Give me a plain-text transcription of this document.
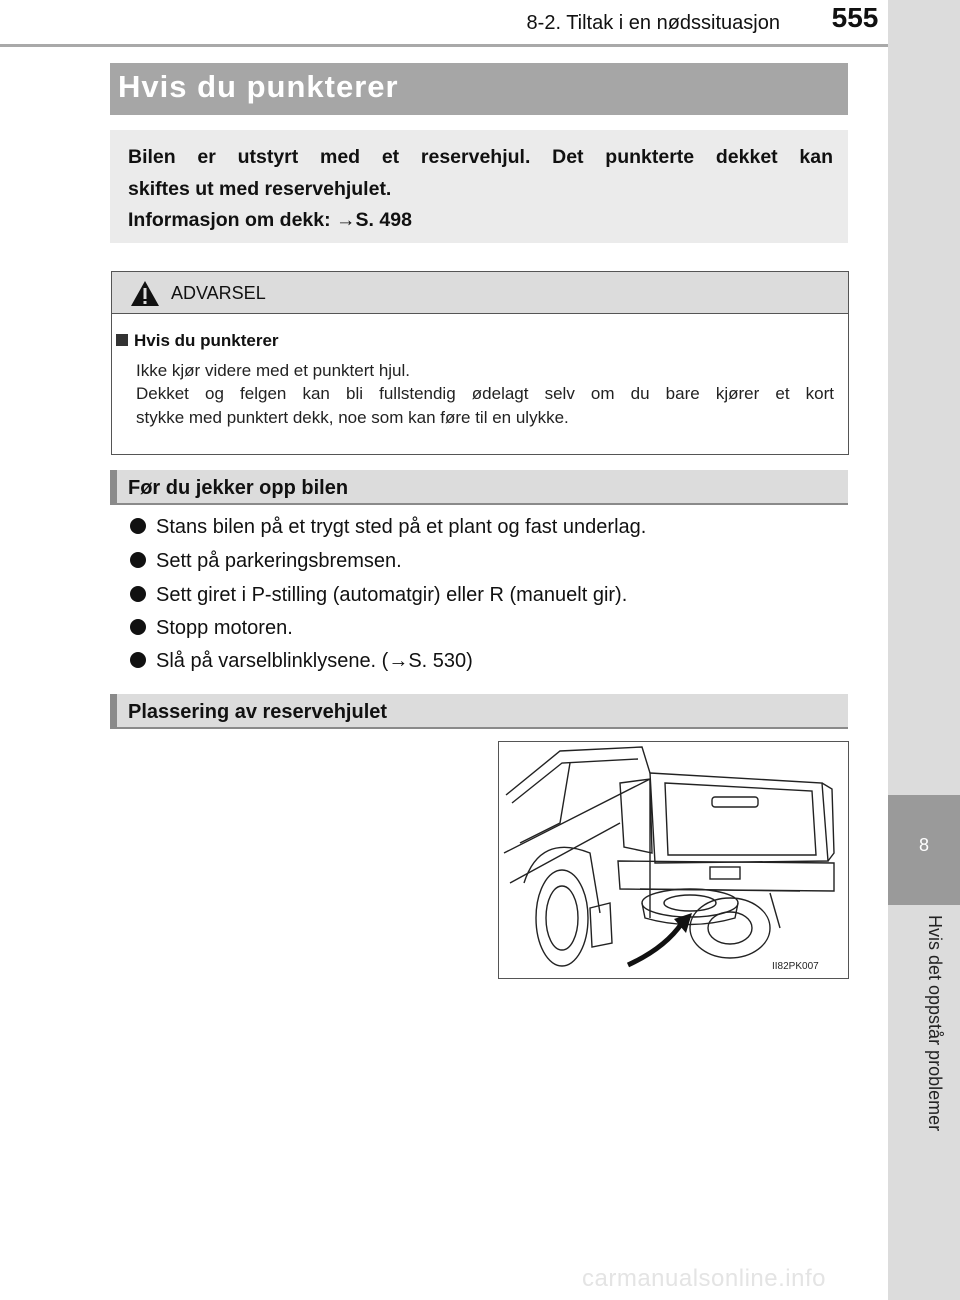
8-2. Tiltak i en nødssituasjon	555
8
Hvis det oppstår problemer
Hvis du punkterer
Bilen er utstyrt med et reservehjul. Det punkterte dekket kan
skiftes ut med reservehjulet.
Informasjon om dekk: →S. 498
ADVARSEL
Hvis du punkterer
Ikke kjør videre med et punktert hjul.
Dekket og felgen kan bli fullstendig ødelagt selv om du bare kjører et kort
stykke med punktert dekk, noe som kan føre til en ulykke.
Før du jekker opp bilen
Stans bilen på et trygt sted på et plant og fast underlag.
Sett på parkeringsbremsen.
Sett giret i P-stilling (automatgir) eller R (manuelt gir).
Stopp motoren.
Slå på varselblinklysene. (→S. 530)
Plassering av reservehjulet
II82PK007
carmanualsonline.info
